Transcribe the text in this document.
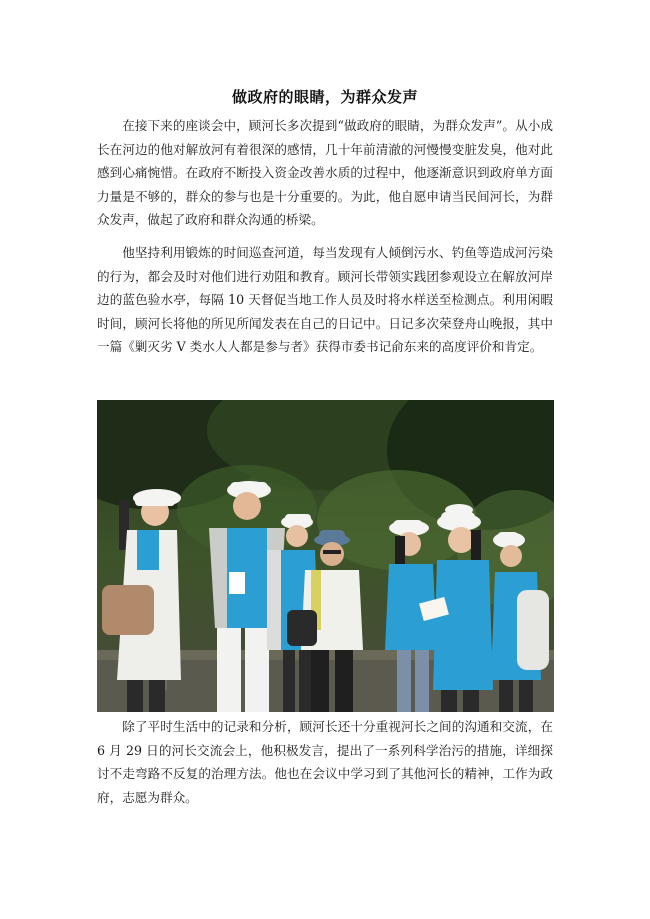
做政府的眼睛，为群众发声

在接下来的座谈会中，顾河长多次提到“做政府的眼睛，为群众发声”。从小成长在河边的他对解放河有着很深的感情，几十年前清澈的河慢慢变脏发臭，他对此感到心痛惋惜。在政府不断投入资金改善水质的过程中，他逐渐意识到政府单方面力量是不够的，群众的参与也是十分重要的。为此，他自愿申请当民间河长，为群众发声，做起了政府和群众沟通的桥梁。

他坚持利用锻炼的时间巡查河道，每当发现有人倾倒污水、钓鱼等造成河污染的行为，都会及时对他们进行劝阻和教育。顾河长带领实践团参观设立在解放河岸边的蓝色验水亭，每隔 10 天督促当地工作人员及时将水样送至检测点。利用闲暇时间，顾河长将他的所见所闻发表在自己的日记中。日记多次荣登舟山晚报，其中一篇《剿灭劣 V 类水人人都是参与者》获得市委书记俞东来的高度评价和肯定。

除了平时生活中的记录和分析，顾河长还十分重视河长之间的沟通和交流，在 6 月 29 日的河长交流会上，他积极发言，提出了一系列科学治污的措施，详细探讨不走弯路不反复的治理方法。他也在会议中学习到了其他河长的精神，工作为政府，志愿为群众。
